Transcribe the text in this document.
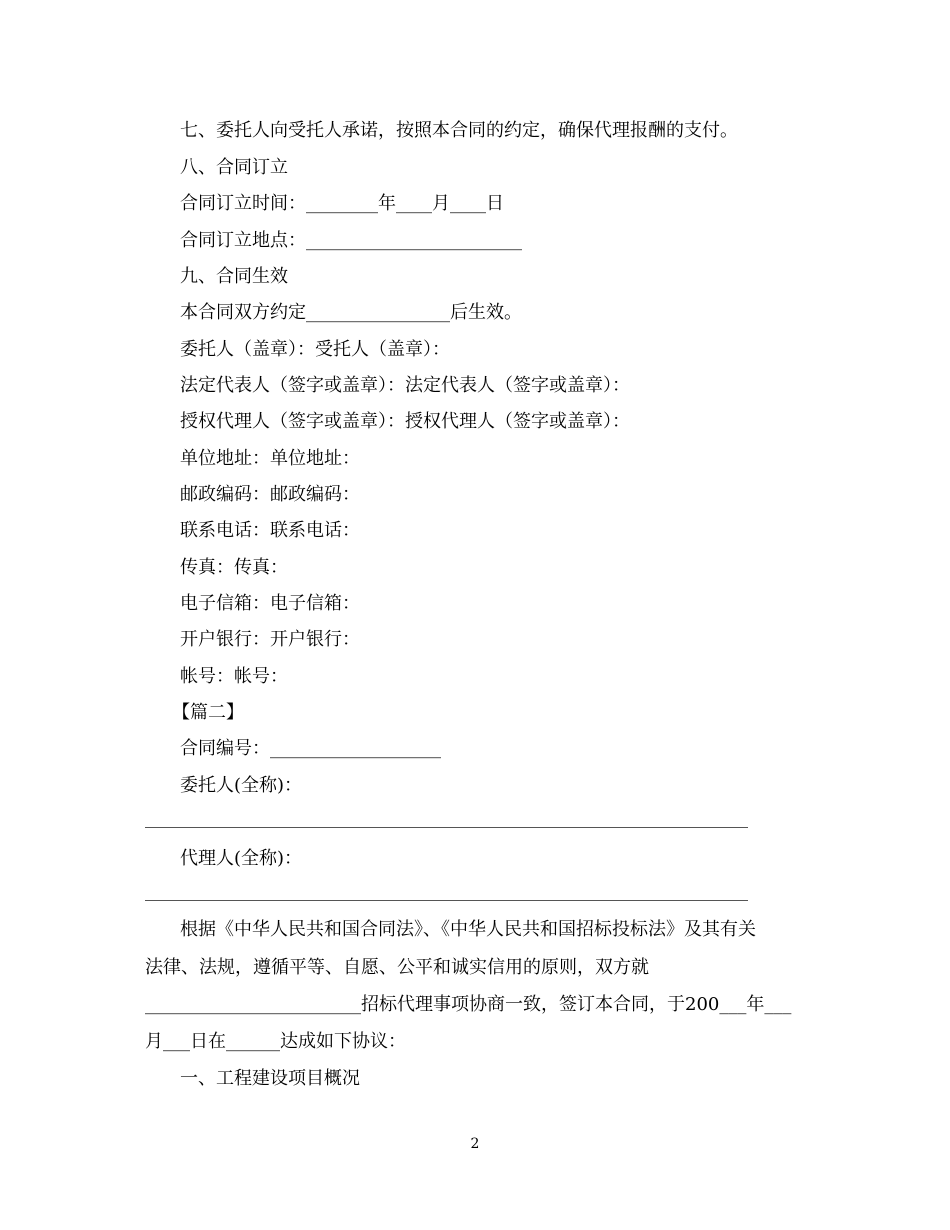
七、委托人向受托人承诺，按照本合同的约定，确保代理报酬的支付。
八、合同订立
合同订立时间：________年____月____日
合同订立地点：________________________
九、合同生效
本合同双方约定________________后生效。
委托人（盖章）：受托人（盖章）：
法定代表人（签字或盖章）：法定代表人（签字或盖章）：
授权代理人（签字或盖章）：授权代理人（签字或盖章）：
单位地址：单位地址：
邮政编码：邮政编码：
联系电话：联系电话：
传真：传真：
电子信箱：电子信箱：
开户银行：开户银行：
帐号：帐号：
【篇二】
合同编号：___________________
委托人(全称)：
代理人(全称)：
根据《中华人民共和国合同法》、《中华人民共和国招标投标法》及其有关
法律、法规，遵循平等、自愿、公平和诚实信用的原则，双方就
________________________招标代理事项协商一致，签订本合同，于200___年___
月___日在______达成如下协议：
一、工程建设项目概况
2
